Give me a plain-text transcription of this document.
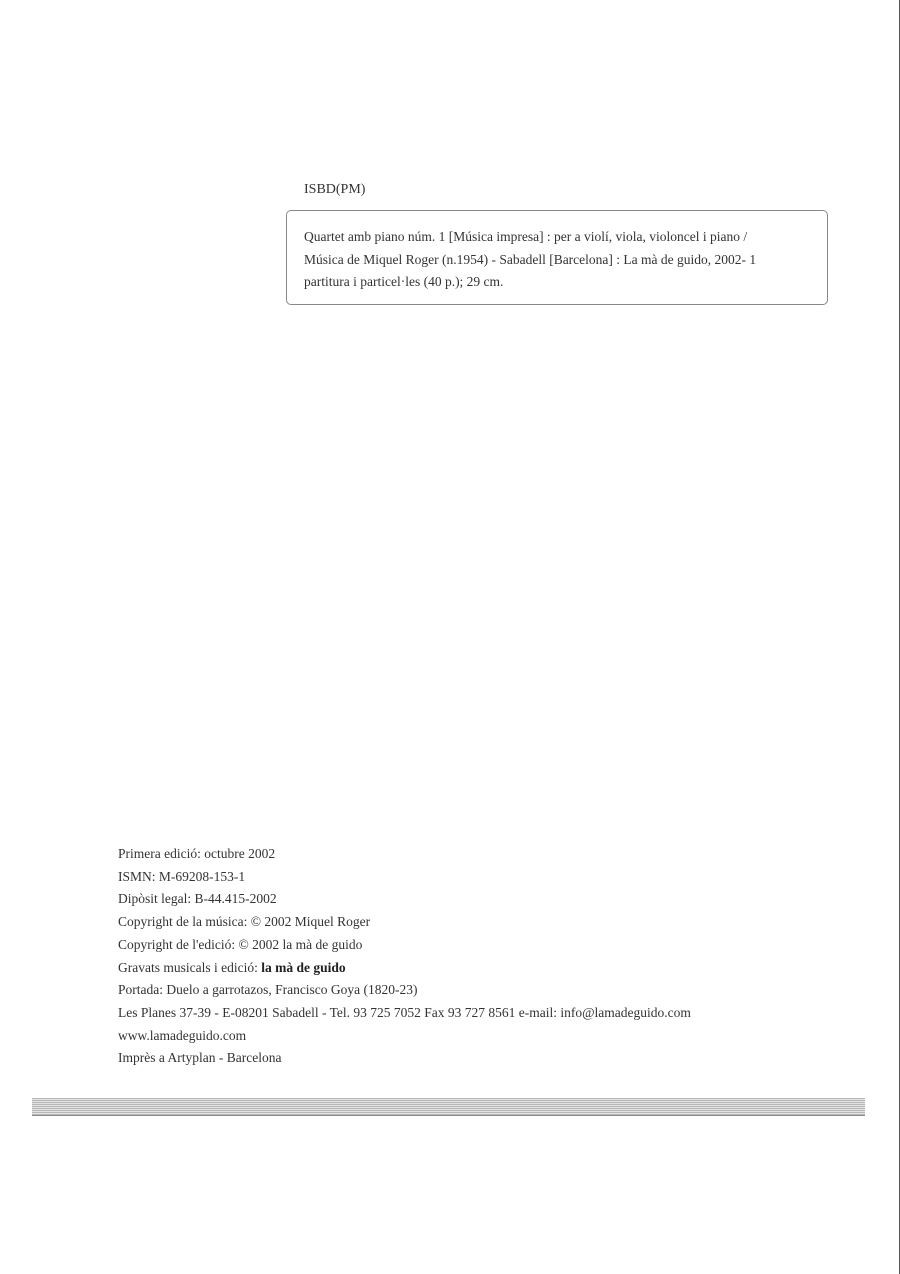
ISBD(PM)
Quartet amb piano núm. 1 [Música impresa] : per a violí, viola, violoncel i piano /
Música de Miquel Roger (n.1954) - Sabadell [Barcelona] : La mà de guido, 2002- 1
partitura i particel·les (40 p.); 29 cm.
Primera edició: octubre 2002
ISMN: M-69208-153-1
Dipòsit legal: B-44.415-2002
Copyright de la música: © 2002 Miquel Roger
Copyright de l'edició: © 2002 la mà de guido
Gravats musicals i edició: la mà de guido
Portada: Duelo a garrotazos, Francisco Goya (1820-23)
Les Planes 37-39 - E-08201 Sabadell - Tel. 93 725 7052 Fax 93 727 8561 e-mail: info@lamadeguido.com
www.lamadeguido.com
Imprès a Artyplan - Barcelona
